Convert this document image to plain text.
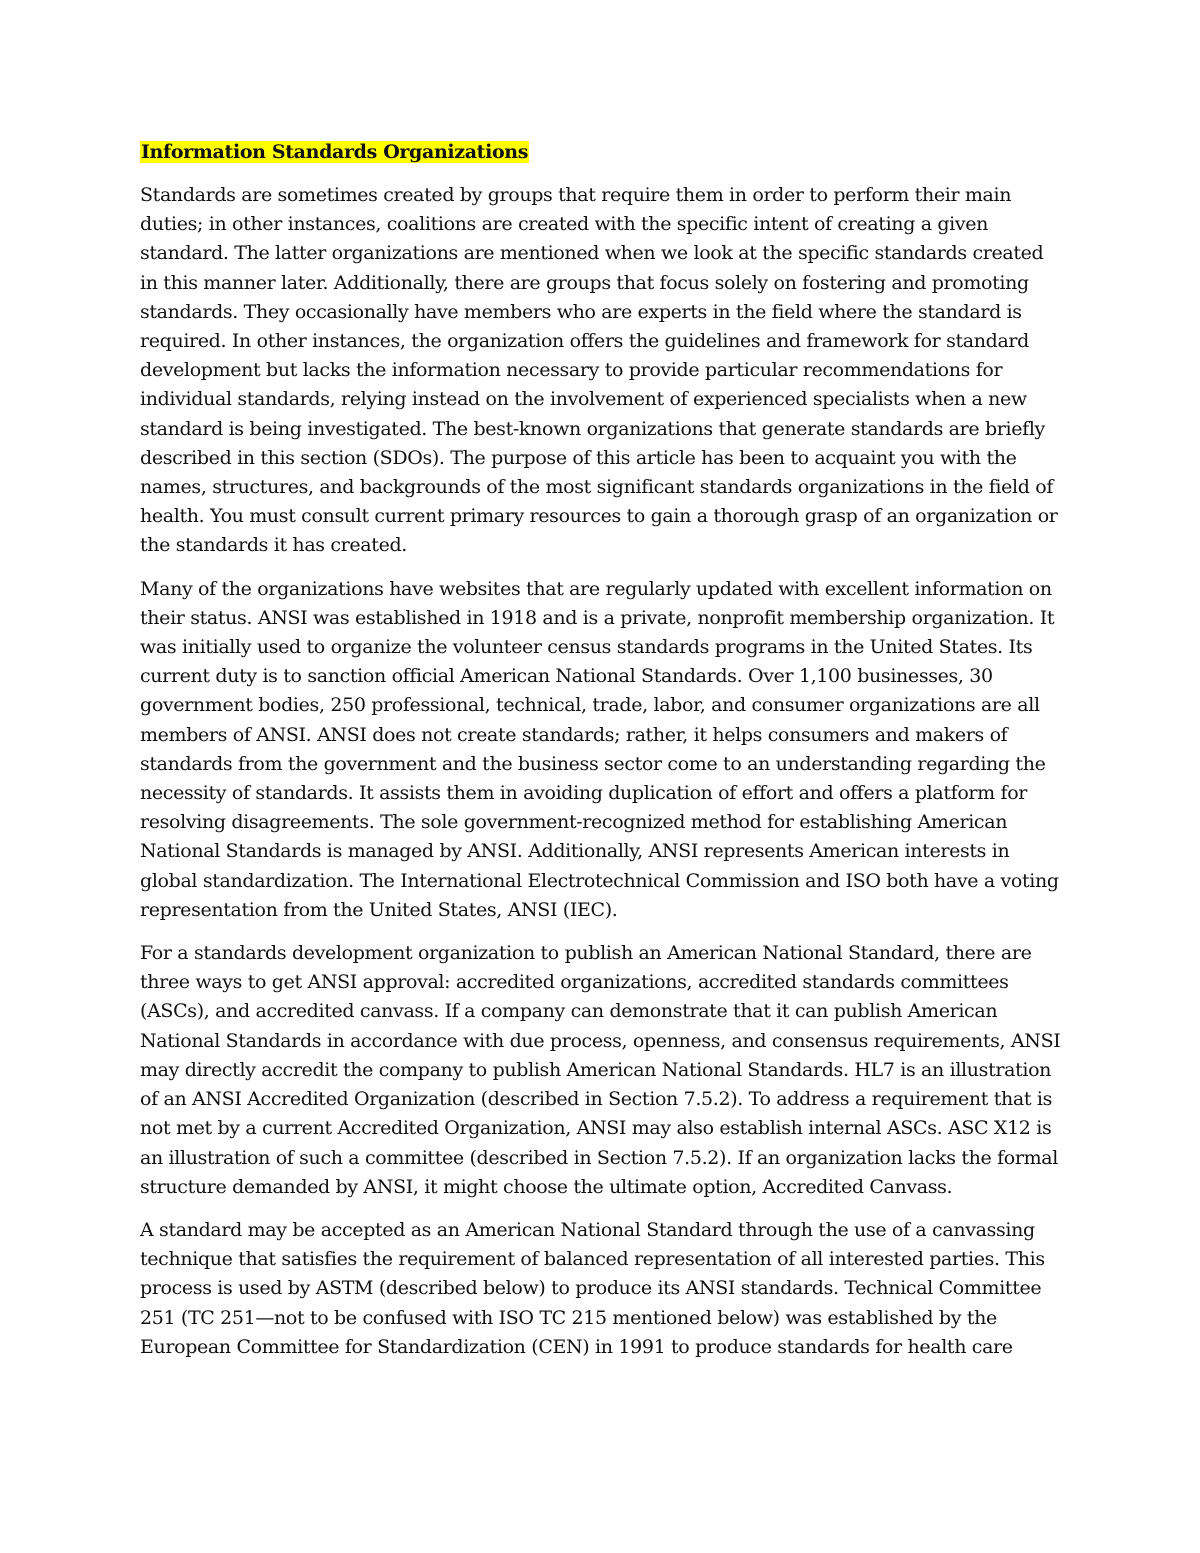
Information Standards Organizations

Standards are sometimes created by groups that require them in order to perform their main duties; in other instances, coalitions are created with the specific intent of creating a given standard. The latter organizations are mentioned when we look at the specific standards created in this manner later. Additionally, there are groups that focus solely on fostering and promoting standards. They occasionally have members who are experts in the field where the standard is required. In other instances, the organization offers the guidelines and framework for standard development but lacks the information necessary to provide particular recommendations for individual standards, relying instead on the involvement of experienced specialists when a new standard is being investigated. The best-known organizations that generate standards are briefly described in this section (SDOs). The purpose of this article has been to acquaint you with the names, structures, and backgrounds of the most significant standards organizations in the field of health. You must consult current primary resources to gain a thorough grasp of an organization or the standards it has created.

Many of the organizations have websites that are regularly updated with excellent information on their status. ANSI was established in 1918 and is a private, nonprofit membership organization. It was initially used to organize the volunteer census standards programs in the United States. Its current duty is to sanction official American National Standards. Over 1,100 businesses, 30 government bodies, 250 professional, technical, trade, labor, and consumer organizations are all members of ANSI. ANSI does not create standards; rather, it helps consumers and makers of standards from the government and the business sector come to an understanding regarding the necessity of standards. It assists them in avoiding duplication of effort and offers a platform for resolving disagreements. The sole government-recognized method for establishing American National Standards is managed by ANSI. Additionally, ANSI represents American interests in global standardization. The International Electrotechnical Commission and ISO both have a voting representation from the United States, ANSI (IEC).

For a standards development organization to publish an American National Standard, there are three ways to get ANSI approval: accredited organizations, accredited standards committees (ASCs), and accredited canvass. If a company can demonstrate that it can publish American National Standards in accordance with due process, openness, and consensus requirements, ANSI may directly accredit the company to publish American National Standards. HL7 is an illustration of an ANSI Accredited Organization (described in Section 7.5.2). To address a requirement that is not met by a current Accredited Organization, ANSI may also establish internal ASCs. ASC X12 is an illustration of such a committee (described in Section 7.5.2). If an organization lacks the formal structure demanded by ANSI, it might choose the ultimate option, Accredited Canvass.

A standard may be accepted as an American National Standard through the use of a canvassing technique that satisfies the requirement of balanced representation of all interested parties. This process is used by ASTM (described below) to produce its ANSI standards. Technical Committee 251 (TC 251—not to be confused with ISO TC 215 mentioned below) was established by the European Committee for Standardization (CEN) in 1991 to produce standards for health care
